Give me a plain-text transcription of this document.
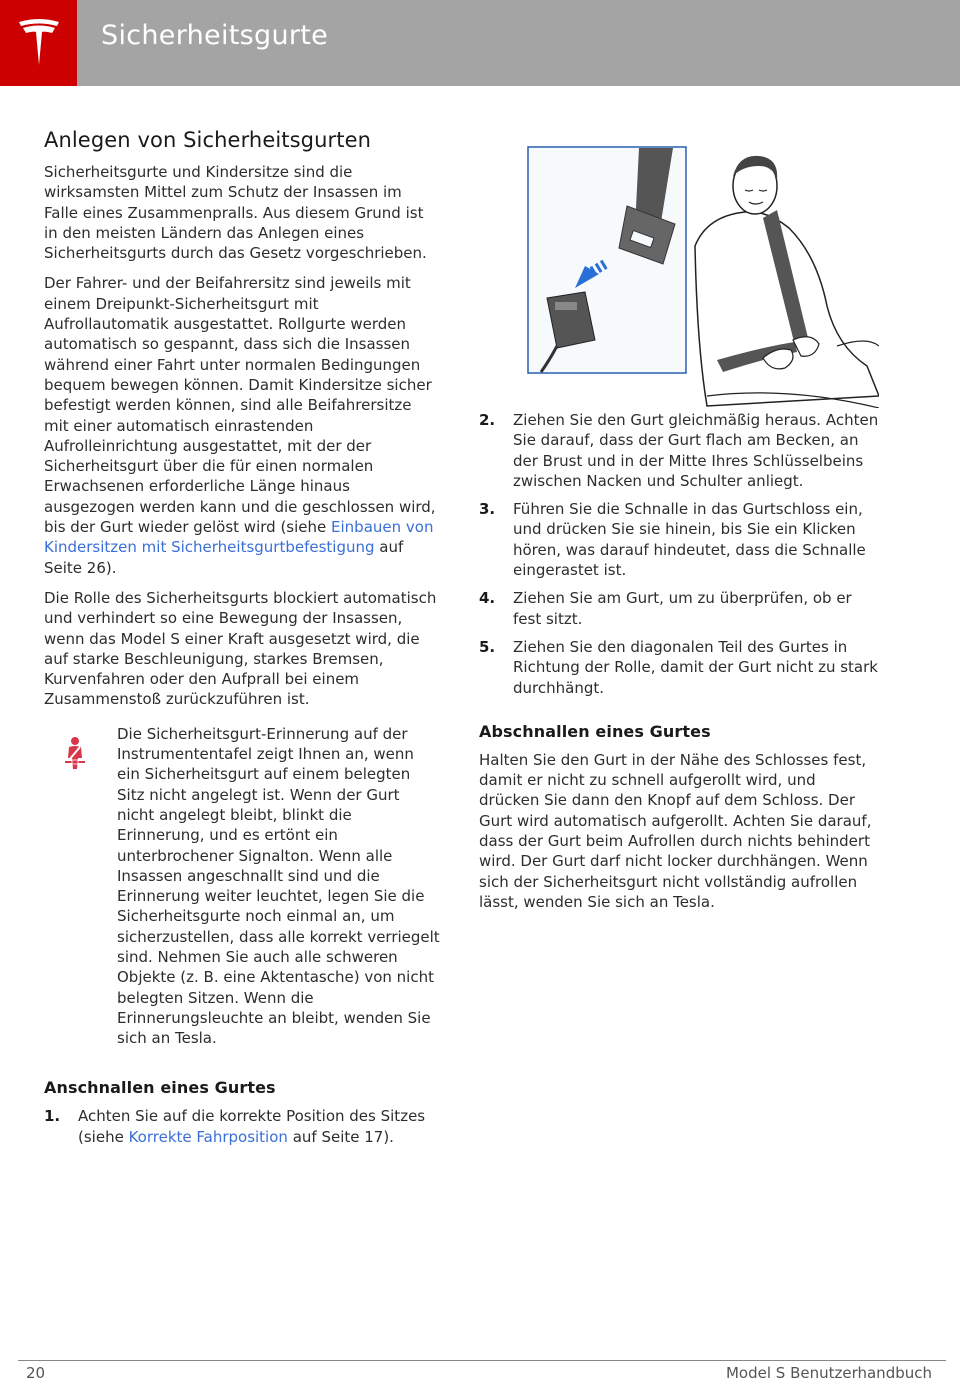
Sicherheitsgurte
Anlegen von Sicherheitsgurten

Sicherheitsgurte und Kindersitze sind die wirksamsten Mittel zum Schutz der Insassen im Falle eines Zusammenpralls. Aus diesem Grund ist in den meisten Ländern das Anlegen eines Sicherheitsgurts durch das Gesetz vorgeschrieben.

Der Fahrer- und der Beifahrersitz sind jeweils mit einem Dreipunkt-Sicherheitsgurt mit Aufrollautomatik ausgestattet. Rollgurte werden automatisch so gespannt, dass sich die Insassen während einer Fahrt unter normalen Bedingungen bequem bewegen können. Damit Kindersitze sicher befestigt werden können, sind alle Beifahrersitze mit einer automatisch einrastenden Aufrolleinrichtung ausgestattet, mit der der Sicherheitsgurt über die für einen normalen Erwachsenen erforderliche Länge hinaus ausgezogen werden kann und die geschlossen wird, bis der Gurt wieder gelöst wird (siehe Einbauen von Kindersitzen mit Sicherheitsgurtbefestigung auf Seite 26).

Die Rolle des Sicherheitsgurts blockiert automatisch und verhindert so eine Bewegung der Insassen, wenn das Model S einer Kraft ausgesetzt wird, die auf starke Beschleunigung, starkes Bremsen, Kurvenfahren oder den Aufprall bei einem Zusammenstoß zurückzuführen ist.

Die Sicherheitsgurt-Erinnerung auf der Instrumententafel zeigt Ihnen an, wenn ein Sicherheitsgurt auf einem belegten Sitz nicht angelegt ist. Wenn der Gurt nicht angelegt bleibt, blinkt die Erinnerung, und es ertönt ein unterbrochener Signalton. Wenn alle Insassen angeschnallt sind und die Erinnerung weiter leuchtet, legen Sie die Sicherheitsgurte noch einmal an, um sicherzustellen, dass alle korrekt verriegelt sind. Nehmen Sie auch alle schweren Objekte (z. B. eine Aktentasche) von nicht belegten Sitzen. Wenn die Erinnerungsleuchte an bleibt, wenden Sie sich an Tesla.

Anschnallen eines Gurtes
1. Achten Sie auf die korrekte Position des Sitzes (siehe Korrekte Fahrposition auf Seite 17).
2. Ziehen Sie den Gurt gleichmäßig heraus. Achten Sie darauf, dass der Gurt flach am Becken, an der Brust und in der Mitte Ihres Schlüsselbeins zwischen Nacken und Schulter anliegt.
3. Führen Sie die Schnalle in das Gurtschloss ein, und drücken Sie sie hinein, bis Sie ein Klicken hören, was darauf hindeutet, dass die Schnalle eingerastet ist.
4. Ziehen Sie am Gurt, um zu überprüfen, ob er fest sitzt.
5. Ziehen Sie den diagonalen Teil des Gurtes in Richtung der Rolle, damit der Gurt nicht zu stark durchhängt.
Abschnallen eines Gurtes

Halten Sie den Gurt in der Nähe des Schlosses fest, damit er nicht zu schnell aufgerollt wird, und drücken Sie dann den Knopf auf dem Schloss. Der Gurt wird automatisch aufgerollt. Achten Sie darauf, dass der Gurt beim Aufrollen durch nichts behindert wird. Der Gurt darf nicht locker durchhängen. Wenn sich der Sicherheitsgurt nicht vollständig aufrollen lässt, wenden Sie sich an Tesla.

20	Model S Benutzerhandbuch
